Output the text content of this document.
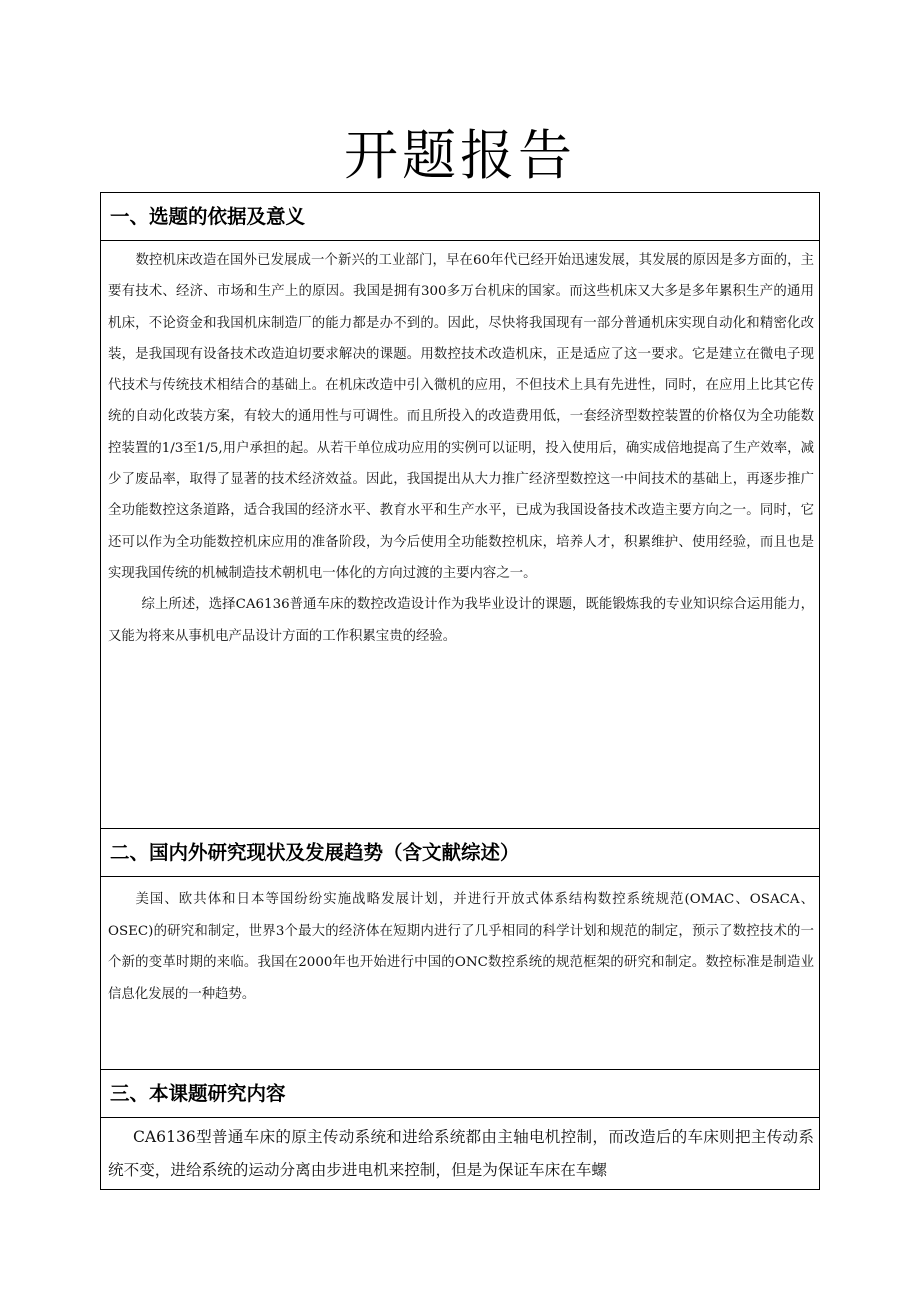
开题报告
一、选题的依据及意义

数控机床改造在国外已发展成一个新兴的工业部门，早在60年代已经开始迅速发展，其发展的原因是多方面的，主要有技术、经济、市场和生产上的原因。我国是拥有300多万台机床的国家。而这些机床又大多是多年累积生产的通用机床，不论资金和我国机床制造厂的能力都是办不到的。因此，尽快将我国现有一部分普通机床实现自动化和精密化改装，是我国现有设备技术改造迫切要求解决的课题。用数控技术改造机床，正是适应了这一要求。它是建立在微电子现代技术与传统技术相结合的基础上。在机床改造中引入微机的应用，不但技术上具有先进性，同时，在应用上比其它传统的自动化改装方案，有较大的通用性与可调性。而且所投入的改造费用低，一套经济型数控装置的价格仅为全功能数控装置的1/3至1/5,用户承担的起。从若干单位成功应用的实例可以证明，投入使用后，确实成倍地提高了生产效率，减少了废品率，取得了显著的技术经济效益。因此，我国提出从大力推广经济型数控这一中间技术的基础上，再逐步推广全功能数控这条道路，适合我国的经济水平、教育水平和生产水平，已成为我国设备技术改造主要方向之一。同时，它还可以作为全功能数控机床应用的准备阶段，为今后使用全功能数控机床，培养人才，积累维护、使用经验，而且也是实现我国传统的机械制造技术朝机电一体化的方向过渡的主要内容之一。

综上所述，选择CA6136普通车床的数控改造设计作为我毕业设计的课题，既能锻炼我的专业知识综合运用能力，又能为将来从事机电产品设计方面的工作积累宝贵的经验。

二、国内外研究现状及发展趋势（含文献综述）

美国、欧共体和日本等国纷纷实施战略发展计划，并进行开放式体系结构数控系统规范(OMAC、OSACA、OSEC)的研究和制定，世界3个最大的经济体在短期内进行了几乎相同的科学计划和规范的制定，预示了数控技术的一个新的变革时期的来临。我国在2000年也开始进行中国的ONC数控系统的规范框架的研究和制定。数控标准是制造业信息化发展的一种趋势。

三、本课题研究内容

CA6136型普通车床的原主传动系统和进给系统都由主轴电机控制，而改造后的车床则把主传动系统不变，进给系统的运动分离由步进电机来控制，但是为保证车床在车螺
